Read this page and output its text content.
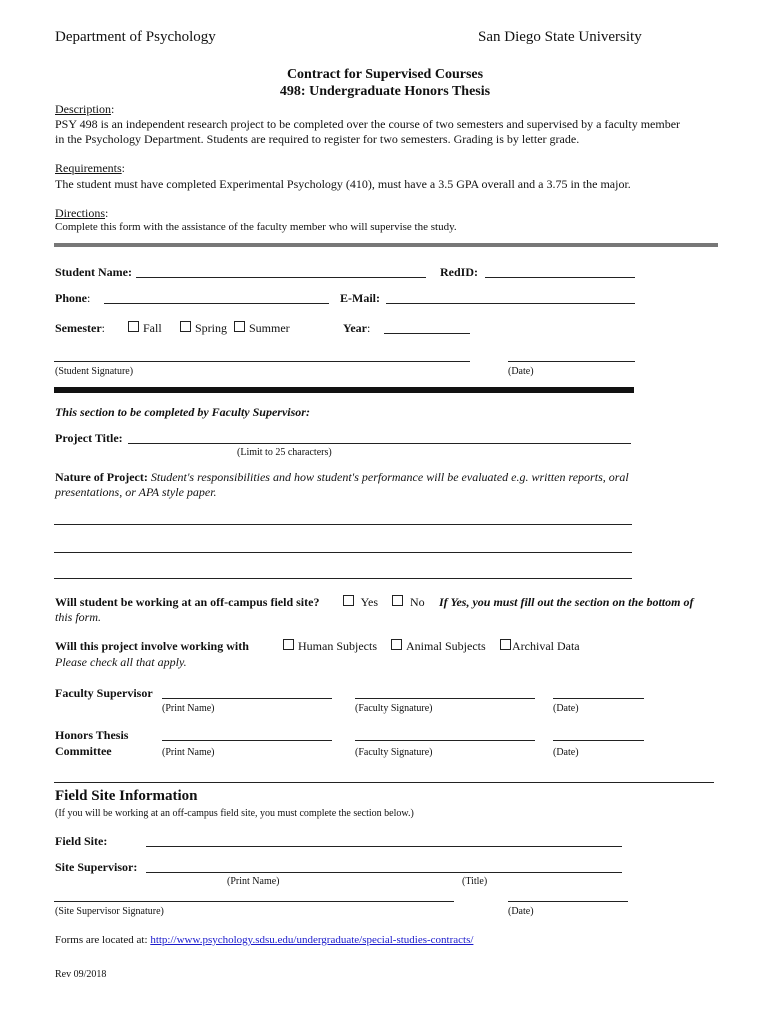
Department of Psychology	San Diego State University
Contract for Supervised Courses
498: Undergraduate Honors Thesis
Description:
PSY 498 is an independent research project to be completed over the course of two semesters and supervised by a faculty member
in the Psychology Department. Students are required to register for two semesters. Grading is by letter grade.
Requirements:
The student must have completed Experimental Psychology (410), must have a 3.5 GPA overall and a 3.75 in the major.
Directions:
Complete this form with the assistance of the faculty member who will supervise the study.
Student Name:	RedID:
Phone:	E-Mail:
Semester:	Fall	Spring	Summer	Year:
(Student Signature)	(Date)
This section to be completed by Faculty Supervisor:
Project Title:
(Limit to 25 characters)
Nature of Project: Student's responsibilities and how student's performance will be evaluated e.g. written reports, oral
presentations, or APA style paper.
Will student be working at an off-campus field site?	Yes	No If Yes, you must fill out the section on the bottom of
this form.
Will this project involve working with
Please check all that apply.
Human Subjects	Animal Subjects	Archival Data
Faculty Supervisor
(Print Name)	(Faculty Signature)	(Date)
Honors Thesis
Committee	(Print Name)	(Faculty Signature)	(Date)
Field Site Information
(If you will be working at an off-campus field site, you must complete the section below.)
Field Site:
Site Supervisor:
(Print Name)	(Title)
(Site Supervisor Signature)	(Date)
Forms are located at: http://www.psychology.sdsu.edu/undergraduate/special-studies-contracts/
Rev 09/2018
